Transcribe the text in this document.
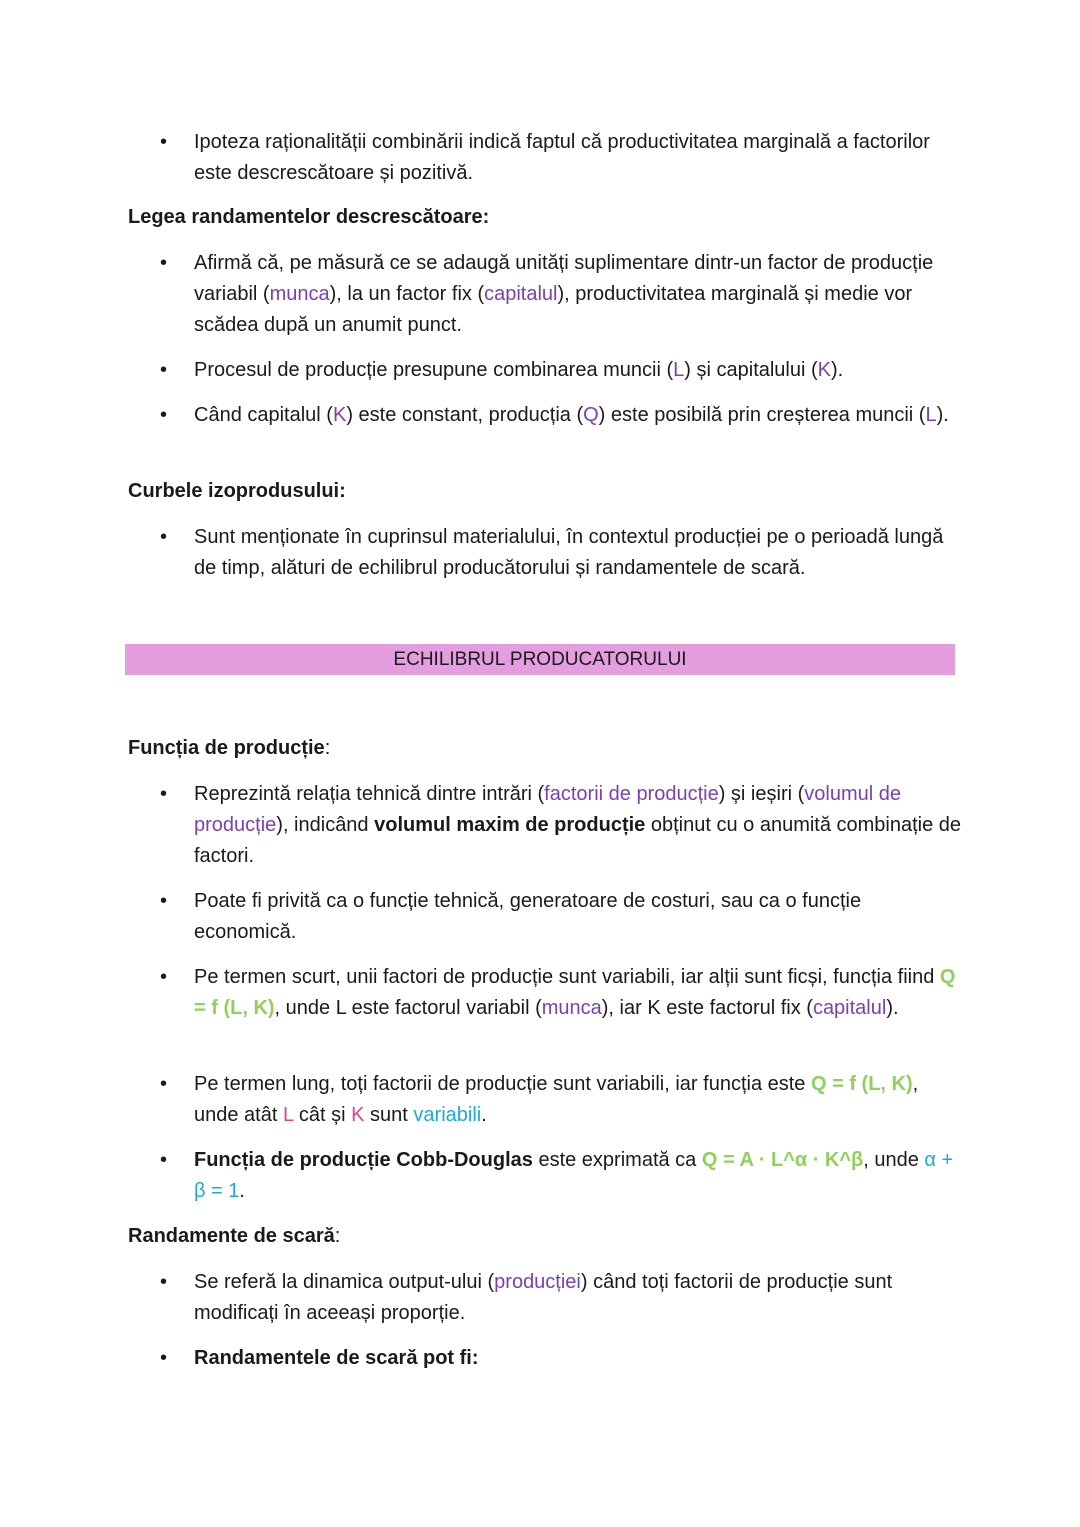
• Ipoteza raționalității combinării indică faptul că productivitatea marginală a factorilor este descrescătoare și pozitivă.
Legea randamentelor descrescătoare:
• Afirmă că, pe măsură ce se adaugă unități suplimentare dintr-un factor de producție variabil (munca), la un factor fix (capitalul), productivitatea marginală și medie vor scădea după un anumit punct.
• Procesul de producție presupune combinarea muncii (L) și capitalului (K).
• Când capitalul (K) este constant, producția (Q) este posibilă prin creșterea muncii (L).
Curbele izoprodusului:
• Sunt menționate în cuprinsul materialului, în contextul producției pe o perioadă lungă de timp, alături de echilibrul producătorului și randamentele de scară.
ECHILIBRUL PRODUCATORULUI
Funcția de producție:
• Reprezintă relația tehnică dintre intrări (factorii de producție) și ieșiri (volumul de producție), indicând volumul maxim de producție obținut cu o anumită combinație de factori.
• Poate fi privită ca o funcție tehnică, generatoare de costuri, sau ca o funcție economică.
• Pe termen scurt, unii factori de producție sunt variabili, iar alții sunt ficși, funcția fiind Q = f (L, K), unde L este factorul variabil (munca), iar K este factorul fix (capitalul).
• Pe termen lung, toți factorii de producție sunt variabili, iar funcția este Q = f (L, K), unde atât L cât și K sunt variabili.
• Funcția de producție Cobb-Douglas este exprimată ca Q = A · L^α · K^β, unde α + β = 1.
Randamente de scară:
• Se referă la dinamica output-ului (producției) când toți factorii de producție sunt modificați în aceeași proporție.
• Randamentele de scară pot fi:
